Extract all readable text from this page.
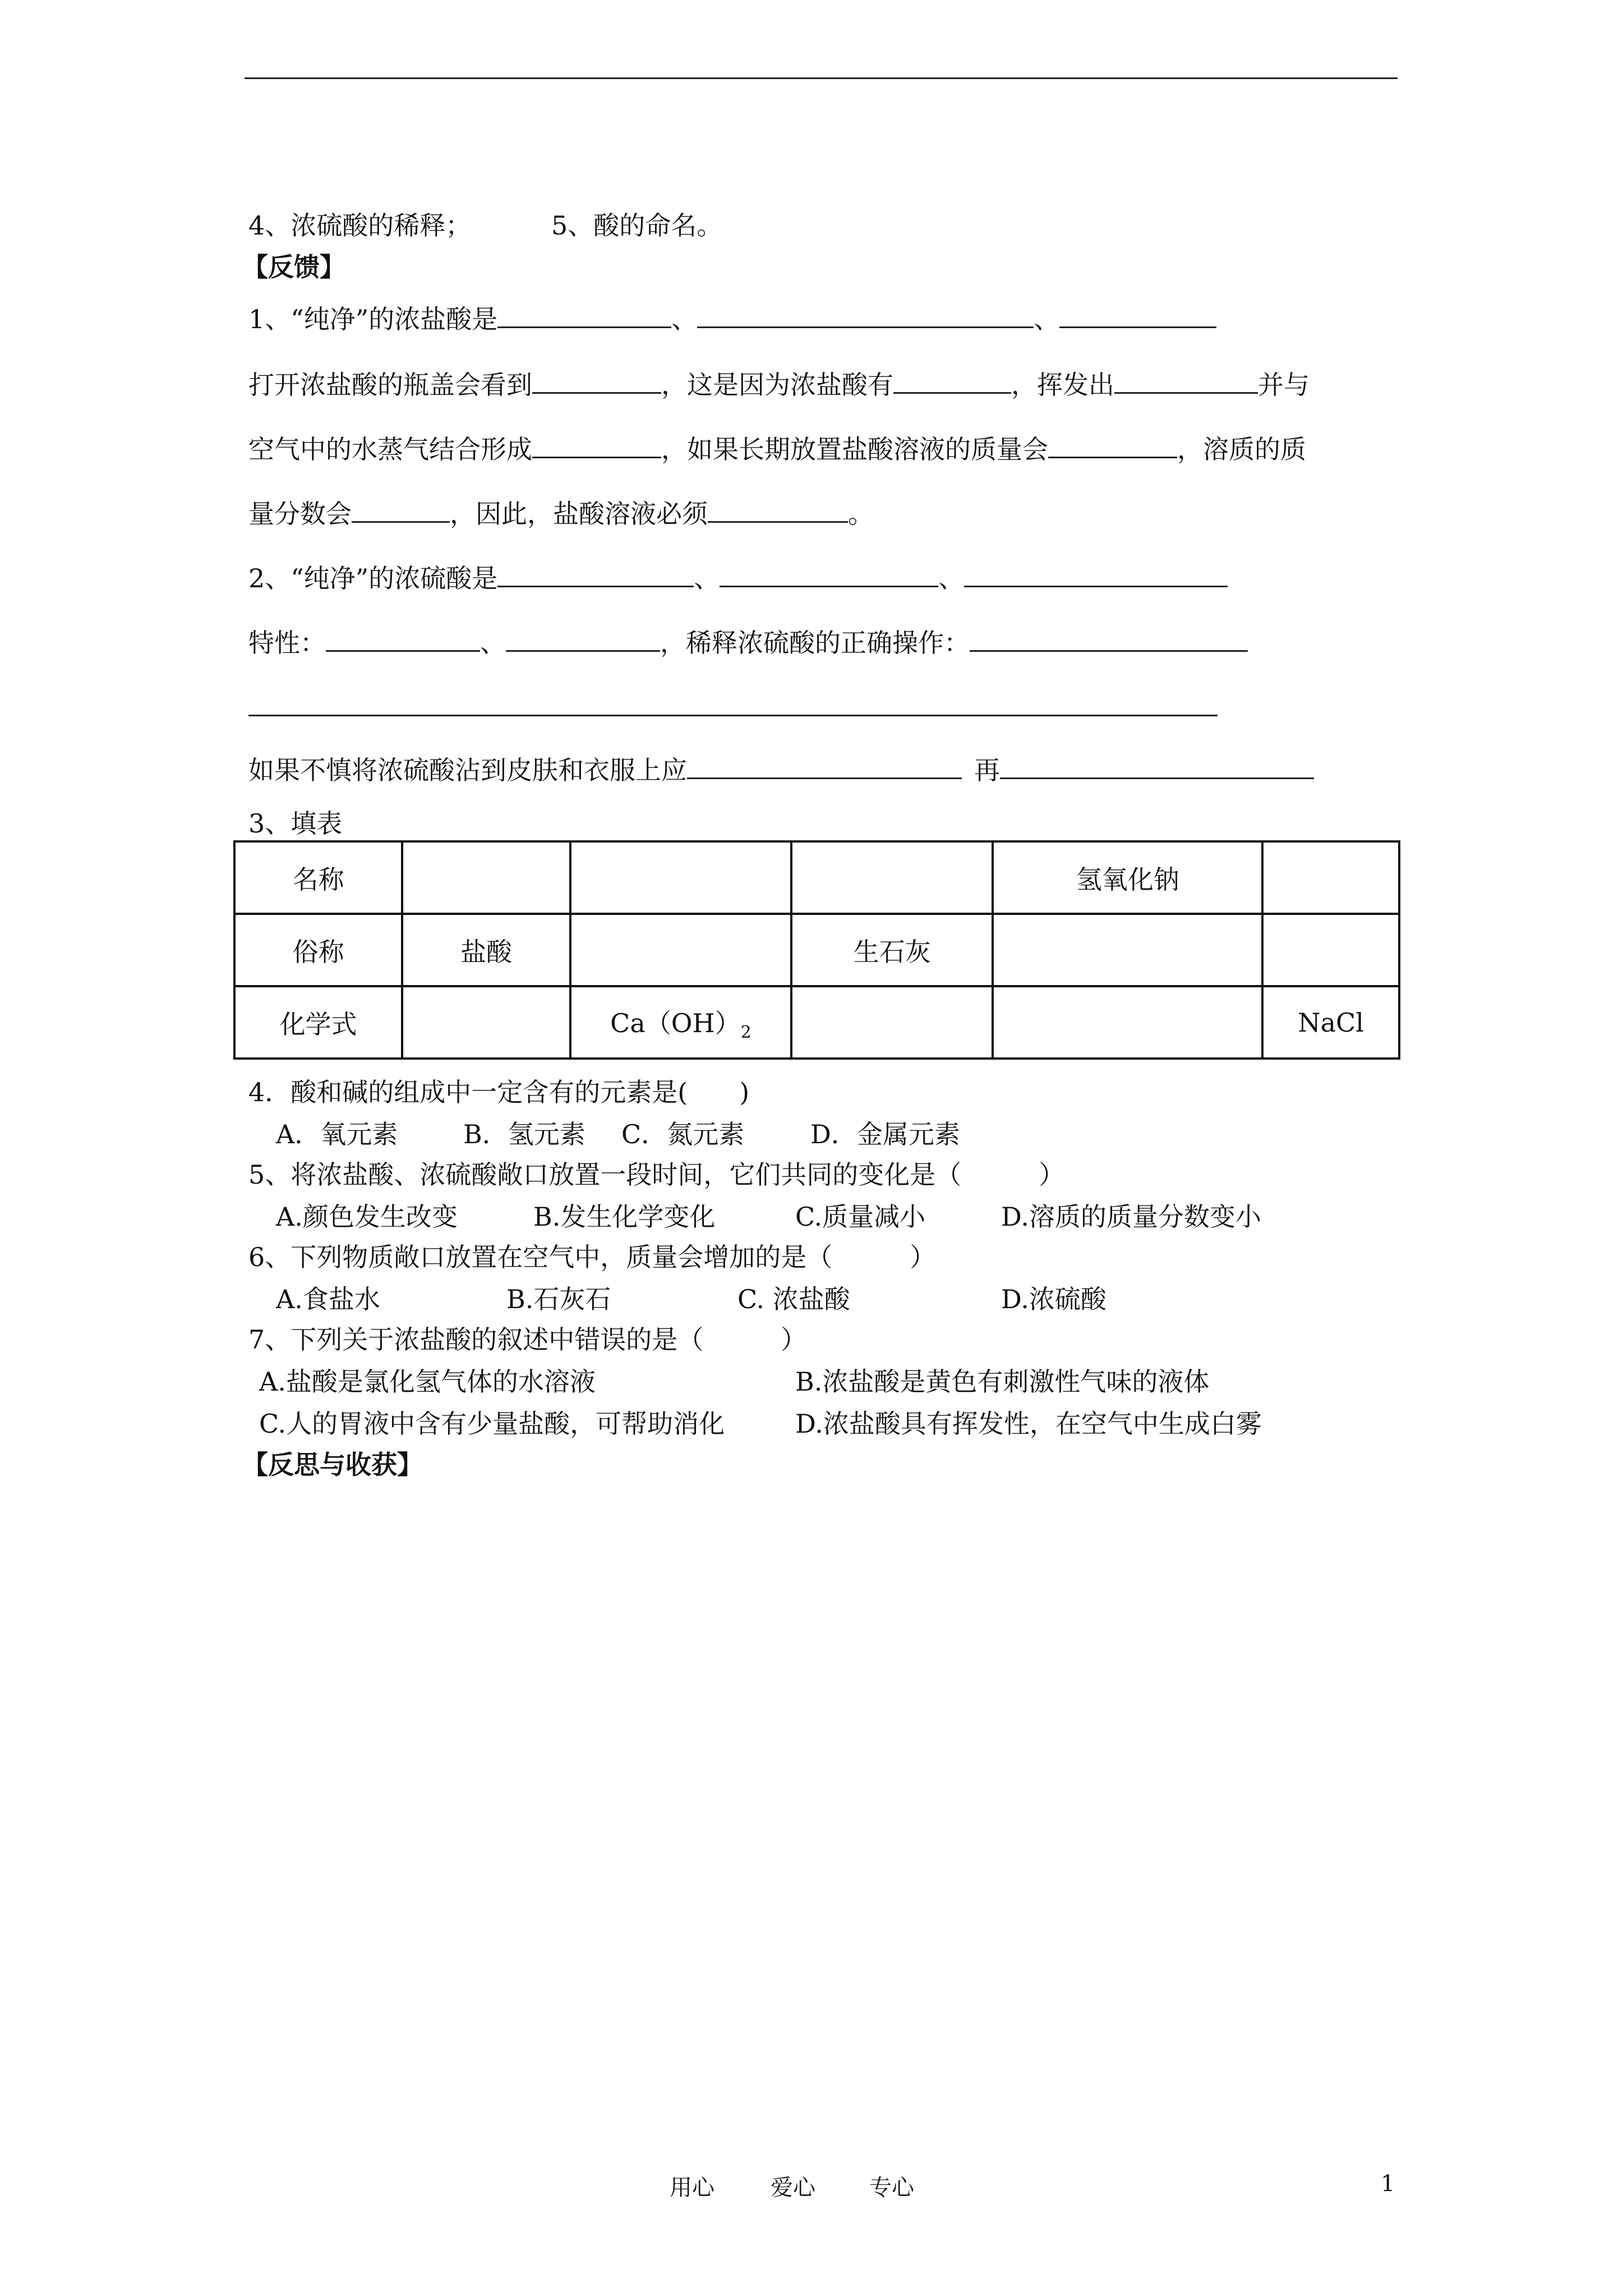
4、浓硫酸的稀释；	5、酸的命名。
【反馈】
1、“纯净”的浓盐酸是	、	、
打开浓盐酸的瓶盖会看到	，这是因为浓盐酸有	，挥发出	并与
空气中的水蒸气结合形成	，如果长期放置盐酸溶液的质量会	，溶质的质
量分数会	，因此，盐酸溶液必须	。
2、“纯净”的浓硫酸是	、	、
特性：	、	，稀释浓硫酸的正确操作：
如果不慎将浓硫酸沾到皮肤和衣服上应	再
3、填表
名称				氢氧化钠	
俗称	盐酸		生石灰		
化学式		$Ca(OH)_2$			NaCl
4．酸和碱的组成中一定含有的元素是(　　)
A．氧元素	B．氢元素 C．氮元素	D．金属元素
5、将浓盐酸、浓硫酸敞口放置一段时间，它们共同的变化是（　　　）
A.颜色发生改变	B.发生化学变化	C.质量减小	D.溶质的质量分数变小
6、下列物质敞口放置在空气中，质量会增加的是（　　　）
A.食盐水	B.石灰石	C. 浓盐酸	D.浓硫酸
7、下列关于浓盐酸的叙述中错误的是（　　　）
A.盐酸是氯化氢气体的水溶液	B.浓盐酸是黄色有刺激性气味的液体
C.人的胃液中含有少量盐酸，可帮助消化	D.浓盐酸具有挥发性，在空气中生成白雾
【反思与收获】
用心	爱心 专心	1
